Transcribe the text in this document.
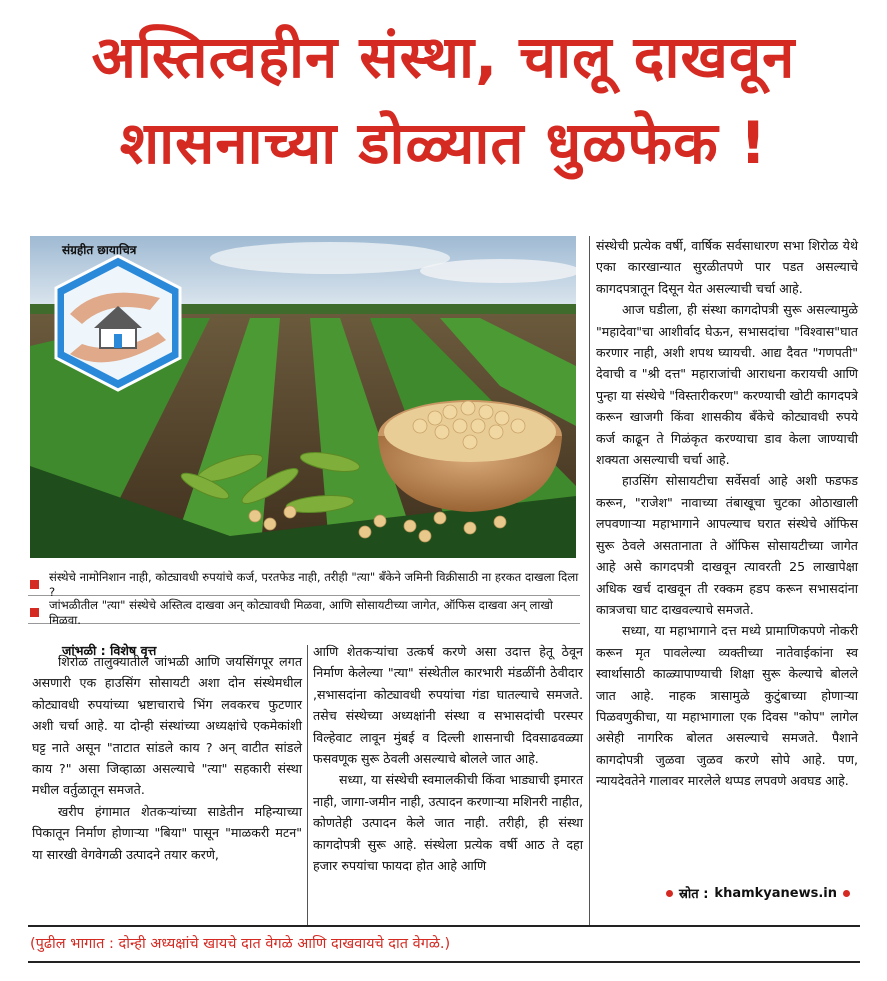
अस्तित्वहीन संस्था, चालू दाखवून
शासनाच्या डोळ्यात धुळफेक !
संग्रहीत छायाचित्र
संस्थेचे नामोनिशान नाही, कोट्यावधी रुपयांचे कर्ज, परतफेड नाही, तरीही "त्या" बँकेने जमिनी विक्रीसाठी ना हरकत दाखला दिला ?
जांभळीतील "त्या" संस्थेचे अस्तित्व दाखवा अन् कोट्यावधी मिळवा, आणि सोसायटीच्या जागेत, ऑफिस दाखवा अन् लाखो मिळवा.
जांभळी : विशेष वृत्त

शिरोळ तालुक्यातील जांभळी आणि जयसिंगपूर लगत असणारी एक हाउसिंग सोसायटी अशा दोन संस्थेमधील कोट्यावधी रुपयांच्या भ्रष्टाचाराचे भिंग लवकरच फुटणार अशी चर्चा आहे. या दोन्ही संस्थांच्या अध्यक्षांचे एकमेकांशी घट्ट नाते असून "ताटात सांडले काय ? अन् वाटीत सांडले काय ?" असा जिव्हाळा असल्याचे "त्या" सहकारी संस्था मधील वर्तुळातून समजते.

खरीप हंगामात शेतकऱ्यांच्या साडेतीन महिन्याच्या पिकातून निर्माण होणाऱ्या "बिया" पासून "माळकरी मटन" या सारखी वेगवेगळी उत्पादने तयार करणे,

आणि शेतकऱ्यांचा उत्कर्ष करणे असा उदात्त हेतू ठेवून निर्माण केलेल्या "त्या" संस्थेतील कारभारी मंडळींनी ठेवीदार ,सभासदांना कोट्यावधी रुपयांचा गंडा घातल्याचे समजते. तसेच संस्थेच्या अध्यक्षांनी संस्था व सभासदांची परस्पर विल्हेवाट लावून मुंबई व दिल्ली शासनाची दिवसाढवळ्या फसवणूक सुरू ठेवली असल्याचे बोलले जात आहे.

सध्या, या संस्थेची स्वमालकीची किंवा भाड्याची इमारत नाही, जागा-जमीन नाही, उत्पादन करणाऱ्या मशिनरी नाहीत, कोणतेही उत्पादन केले जात नाही. तरीही, ही संस्था कागदोपत्री सुरू आहे. संस्थेला प्रत्येक वर्षी आठ ते दहा हजार रुपयांचा फायदा होत आहे आणि

संस्थेची प्रत्येक वर्षी, वार्षिक सर्वसाधारण सभा शिरोळ येथे एका कारखान्यात सुरळीतपणे पार पडत असल्याचे कागदपत्रातून दिसून येत असल्याची चर्चा आहे.

आज घडीला, ही संस्था कागदोपत्री सुरू असल्यामुळे "महादेवा"चा आशीर्वाद घेऊन, सभासदांचा "विश्वास"घात करणार नाही, अशी शपथ घ्यायची. आद्य दैवत "गणपती" देवाची व "श्री दत्त" महाराजांची आराधना करायची आणि पुन्हा या संस्थेचे "विस्तारीकरण" करण्याची खोटी कागदपत्रे करून खाजगी किंवा शासकीय बँकेचे कोट्यावधी रुपये कर्ज काढून ते गिळंकृत करण्याचा डाव केला जाण्याची शक्यता असल्याची चर्चा आहे.

हाउसिंग सोसायटीचा सर्वेसर्वा आहे अशी फडफड करून, "राजेश" नावाच्या तंबाखूचा चुटका ओठाखाली लपवणाऱ्या महाभागाने आपल्याच घरात संस्थेचे ऑफिस सुरू ठेवले असतानाता ते ऑफिस सोसायटीच्या जागेत आहे असे कागदपत्री दाखवून त्यावरती 25 लाखापेक्षा अधिक खर्च दाखवून ती रक्कम हडप करून सभासदांना कात्रजचा घाट दाखवल्याचे समजते.

सध्या, या महाभागाने दत्त मध्ये प्रामाणिकपणे नोकरी करून मृत पावलेल्या व्यक्तीच्या नातेवाईकांना स्व स्वार्थासाठी काळ्यापाण्याची शिक्षा सुरू केल्याचे बोलले जात आहे. नाहक त्रासामुळे कुटुंबाच्या होणाऱ्या पिळवणुकीचा, या महाभागाला एक दिवस "कोप" लागेल असेही नागरिक बोलत असल्याचे समजते. पैशाने कागदोपत्री जुळवा जुळव करणे सोपे आहे. पण, न्यायदेवतेने गालावर मारलेले थप्पड लपवणे अवघड आहे.

स्रोत : khamkyanews.in
(पुढील भागात : दोन्ही अध्यक्षांचे खायचे दात वेगळे आणि दाखवायचे दात वेगळे.)
